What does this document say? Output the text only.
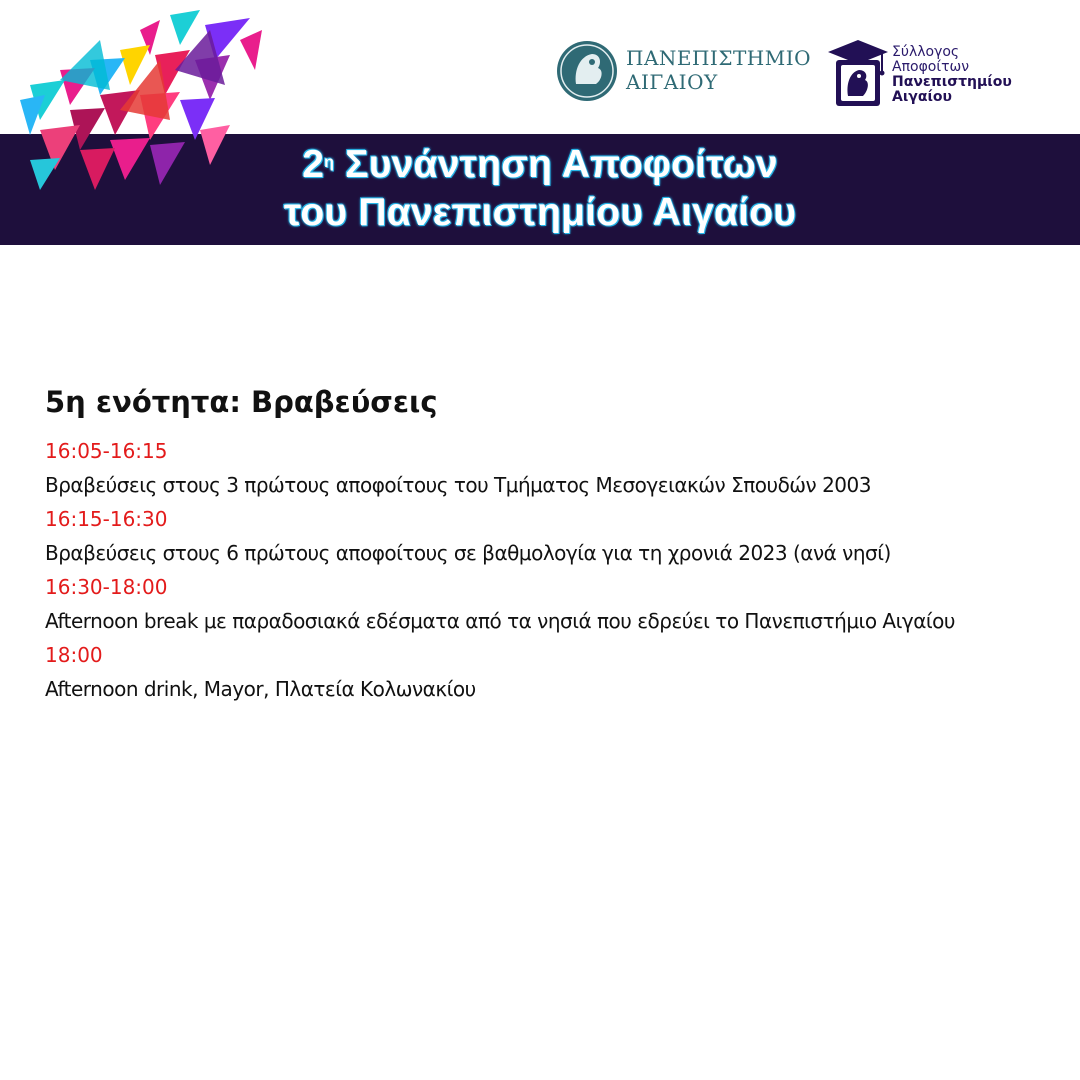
ΠΑΝΕΠΙΣΤΗΜΙΟ
ΑΙΓΑΙΟΥ
Σύλλογος
Αποφοίτων
Πανεπιστημίου
Αιγαίου
$2^\eta$ Συνάντηση Αποφοίτων
του Πανεπιστημίου Αιγαίου
5η ενότητα: Βραβεύσεις
16:05-16:15
Βραβεύσεις στους 3 πρώτους αποφοίτους του Τμήματος Μεσογειακών Σπουδών 2003
16:15-16:30
Βραβεύσεις στους 6 πρώτους αποφοίτους σε βαθμολογία για τη χρονιά 2023 (ανά νησί)
16:30-18:00
Afternoon break με παραδοσιακά εδέσματα από τα νησιά που εδρεύει το Πανεπιστήμιο Αιγαίου
18:00
Afternoon drink, Mayor, Πλατεία Κολωνακίου
